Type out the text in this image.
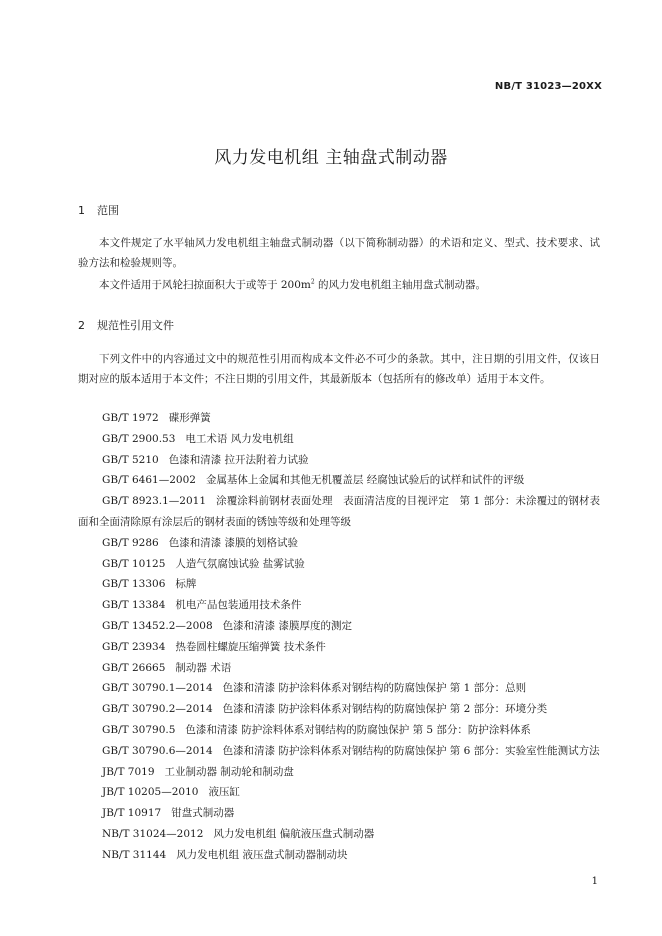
NB/T 31023—20XX
风力发电机组 主轴盘式制动器
1 范围

本文件规定了水平轴风力发电机组主轴盘式制动器（以下简称制动器）的术语和定义、型式、技术要求、试验方法和检验规则等。

本文件适用于风轮扫掠面积大于或等于 $200m^2$ 的风力发电机组主轴用盘式制动器。

2 规范性引用文件

下列文件中的内容通过文中的规范性引用而构成本文件必不可少的条款。其中，注日期的引用文件，仅该日期对应的版本适用于本文件；不注日期的引用文件，其最新版本（包括所有的修改单）适用于本文件。

GB/T 1972 碟形弹簧

GB/T 2900.53 电工术语 风力发电机组

GB/T 5210 色漆和清漆 拉开法附着力试验

GB/T 6461—2002 金属基体上金属和其他无机覆盖层 经腐蚀试验后的试样和试件的评级

GB/T 8923.1—2011 涂覆涂料前钢材表面处理　表面清洁度的目视评定　第 1 部分：未涂覆过的钢材表面和全面清除原有涂层后的钢材表面的锈蚀等级和处理等级

GB/T 9286 色漆和清漆 漆膜的划格试验

GB/T 10125 人造气氛腐蚀试验 盐雾试验

GB/T 13306 标牌

GB/T 13384 机电产品包装通用技术条件

GB/T 13452.2—2008 色漆和清漆 漆膜厚度的测定

GB/T 23934 热卷圆柱螺旋压缩弹簧 技术条件

GB/T 26665 制动器 术语

GB/T 30790.1—2014 色漆和清漆 防护涂料体系对钢结构的防腐蚀保护 第 1 部分：总则

GB/T 30790.2—2014 色漆和清漆 防护涂料体系对钢结构的防腐蚀保护 第 2 部分：环境分类

GB/T 30790.5 色漆和清漆 防护涂料体系对钢结构的防腐蚀保护 第 5 部分：防护涂料体系

GB/T 30790.6—2014 色漆和清漆 防护涂料体系对钢结构的防腐蚀保护 第 6 部分：实验室性能测试方法

JB/T 7019 工业制动器 制动轮和制动盘

JB/T 10205—2010 液压缸

JB/T 10917 钳盘式制动器

NB/T 31024—2012 风力发电机组 偏航液压盘式制动器

NB/T 31144 风力发电机组 液压盘式制动器制动块

1
